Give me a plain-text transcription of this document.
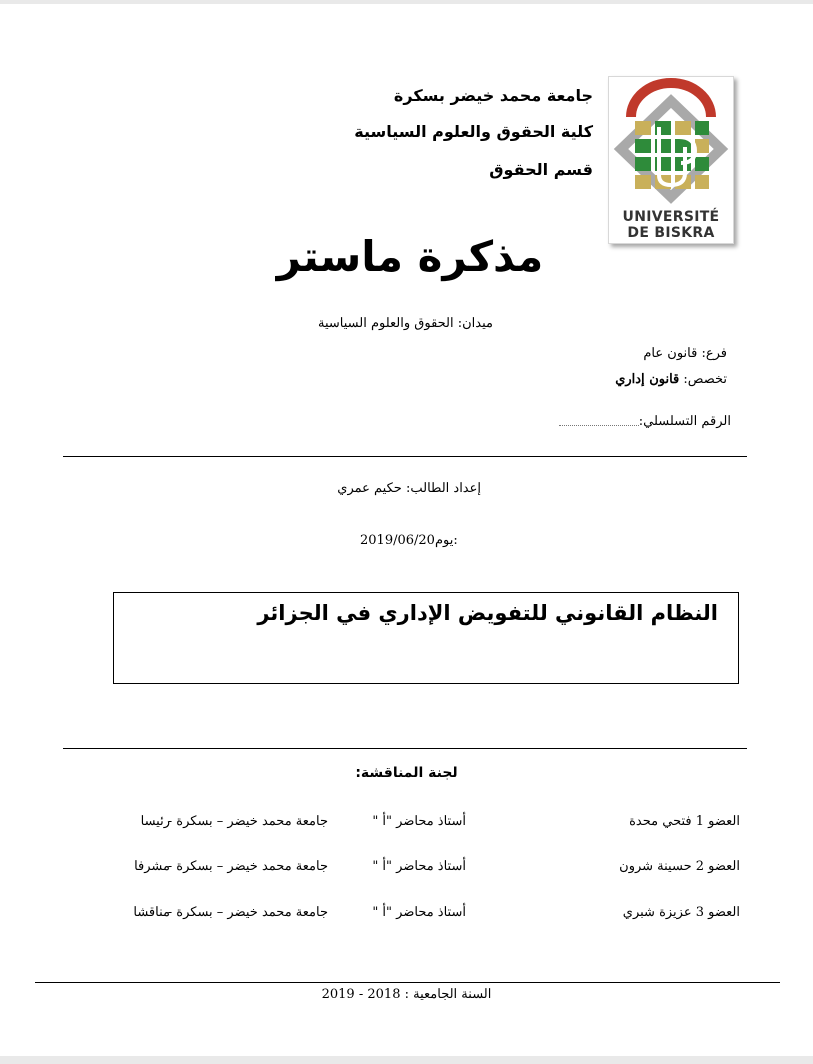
جامعة محمد خيضر بسكرة
كلية الحقوق والعلوم السياسية
قسم الحقوق
UNIVERSITÉ
DE BISKRA
مذكرة ماستر
ميدان: الحقوق والعلوم السياسية
فرع: قانون عام
تخصص: قانون إداري
الرقم التسلسلي:
إعداد الطالب: حكيم عمري
2019/06/20يوم:
النظام القانوني للتفويض الإداري في الجزائر
لجنة المناقشة:
العضو 1 فتحي محدة
أستاذ محاضر "أ "
جامعة محمد خيضر – بسكرة -
رئيسا
العضو 2 حسينة شرون
أستاذ محاضر "أ "
جامعة محمد خيضر – بسكرة -
مشرفا
العضو 3 عزيزة شبري
أستاذ محاضر "أ "
جامعة محمد خيضر – بسكرة -
مناقشا
السنة الجامعية : 2018 - 2019
